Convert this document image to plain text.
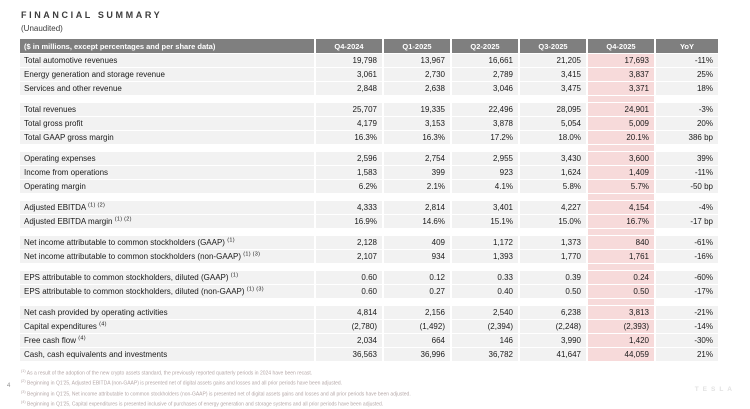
FINANCIAL SUMMARY
(Unaudited)
($ in millions, except percentages and per share data)	Q4-2024	Q1-2025	Q2-2025	Q3-2025	Q4-2025	YoY
Total automotive revenues	19,798	13,967	16,661	21,205	17,693	-11%
Energy generation and storage revenue	3,061	2,730	2,789	3,415	3,837	25%
Services and other revenue	2,848	2,638	3,046	3,475	3,371	18%

Total revenues	25,707	19,335	22,496	28,095	24,901	-3%
Total gross profit	4,179	3,153	3,878	5,054	5,009	20%
Total GAAP gross margin	16.3%	16.3%	17.2%	18.0%	20.1%	386 bp

Operating expenses	2,596	2,754	2,955	3,430	3,600	39%
Income from operations	1,583	399	923	1,624	1,409	-11%
Operating margin	6.2%	2.1%	4.1%	5.8%	5.7%	-50 bp

Adjusted EBITDA $^{(1) (2)}$	4,333	2,814	3,401	4,227	4,154	-4%
Adjusted EBITDA margin $^{(1) (2)}$	16.9%	14.6%	15.1%	15.0%	16.7%	-17 bp

Net income attributable to common stockholders (GAAP) $^{(1)}$	2,128	409	1,172	1,373	840	-61%
Net income attributable to common stockholders (non-GAAP) $^{(1) (3)}$	2,107	934	1,393	1,770	1,761	-16%

EPS attributable to common stockholders, diluted (GAAP) $^{(1)}$	0.60	0.12	0.33	0.39	0.24	-60%
EPS attributable to common stockholders, diluted (non-GAAP) $^{(1) (3)}$	0.60	0.27	0.40	0.50	0.50	-17%

Net cash provided by operating activities	4,814	2,156	2,540	6,238	3,813	-21%
Capital expenditures $^{(4)}$	(2,780)	(1,492)	(2,394)	(2,248)	(2,393)	-14%
Free cash flow $^{(4)}$	2,034	664	146	3,990	1,420	-30%
Cash, cash equivalents and investments	36,563	36,996	36,782	41,647	44,059	21%
$^{(1)}$ As a result of the adoption of the new crypto assets standard, the previously reported quarterly periods in 2024 have been recast.
$^{(2)}$ Beginning in Q1'25, Adjusted EBITDA (non-GAAP) is presented net of digital assets gains and losses and all prior periods have been adjusted.
$^{(3)}$ Beginning in Q1'25, Net income attributable to common stockholders (non-GAAP) is presented net of digital assets gains and losses and all prior periods have been adjusted.
$^{(4)}$ Beginning in Q1'25, Capital expenditures is presented inclusive of purchases of energy generation and storage systems and all prior periods have been adjusted.
4	TESLA
